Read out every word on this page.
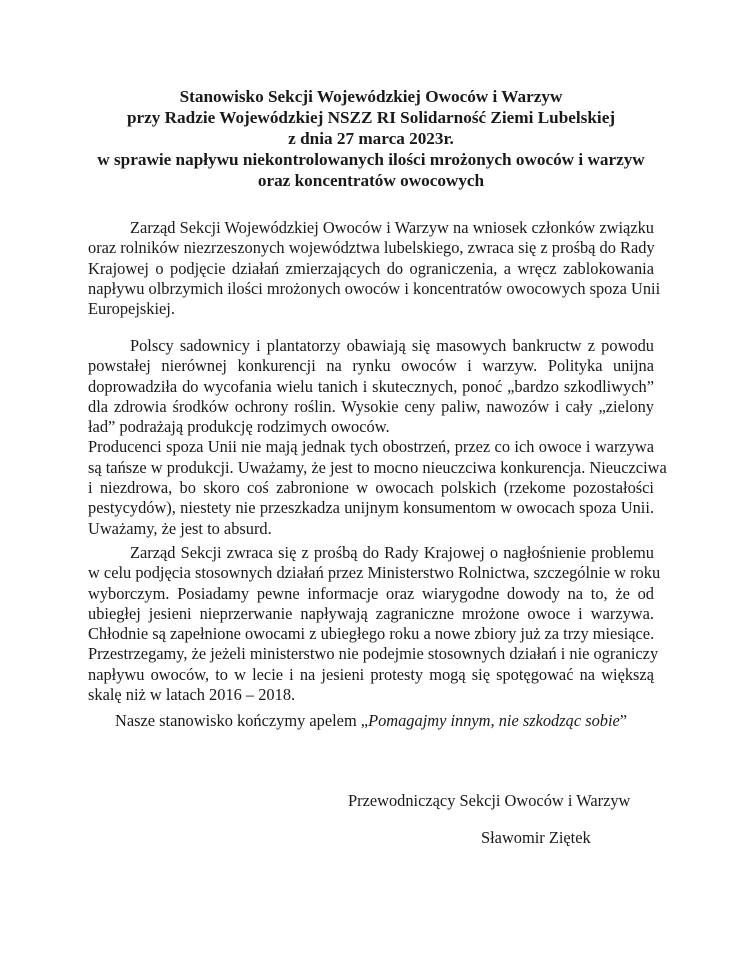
Stanowisko Sekcji Wojewódzkiej Owoców i Warzyw
przy Radzie Wojewódzkiej NSZZ RI Solidarność Ziemi Lubelskiej
z dnia 27 marca 2023r.
w sprawie napływu niekontrolowanych ilości mrożonych owoców i warzyw
oraz koncentratów owocowych
Zarząd Sekcji Wojewódzkiej Owoców i Warzyw na wniosek członków związku
oraz rolników niezrzeszonych województwa lubelskiego, zwraca się z prośbą do Rady
Krajowej o podjęcie działań zmierzających do ograniczenia, a wręcz zablokowania
napływu olbrzymich ilości mrożonych owoców i koncentratów owocowych spoza Unii
Europejskiej.
Polscy sadownicy i plantatorzy obawiają się masowych bankructw z powodu
powstałej nierównej konkurencji na rynku owoców i warzyw. Polityka unijna
doprowadziła do wycofania wielu tanich i skutecznych, ponoć „bardzo szkodliwych”
dla zdrowia środków ochrony roślin. Wysokie ceny paliw, nawozów i cały „zielony
ład” podrażają produkcję rodzimych owoców.
Producenci spoza Unii nie mają jednak tych obostrzeń, przez co ich owoce i warzywa
są tańsze w produkcji. Uważamy, że jest to mocno nieuczciwa konkurencja. Nieuczciwa
i niezdrowa, bo skoro coś zabronione w owocach polskich (rzekome pozostałości
pestycydów), niestety nie przeszkadza unijnym konsumentom w owocach spoza Unii.
Uważamy, że jest to absurd.
Zarząd Sekcji zwraca się z prośbą do Rady Krajowej o nagłośnienie problemu
w celu podjęcia stosownych działań przez Ministerstwo Rolnictwa, szczególnie w roku
wyborczym. Posiadamy pewne informacje oraz wiarygodne dowody na to, że od
ubiegłej jesieni nieprzerwanie napływają zagraniczne mrożone owoce i warzywa.
Chłodnie są zapełnione owocami z ubiegłego roku a nowe zbiory już za trzy miesiące.
Przestrzegamy, że jeżeli ministerstwo nie podejmie stosownych działań i nie ograniczy
napływu owoców, to w lecie i na jesieni protesty mogą się spotęgować na większą
skalę niż w latach 2016 – 2018.
Nasze stanowisko kończymy apelem „Pomagajmy innym, nie szkodząc sobie”
Przewodniczący Sekcji Owoców i Warzyw
Sławomir Ziętek
